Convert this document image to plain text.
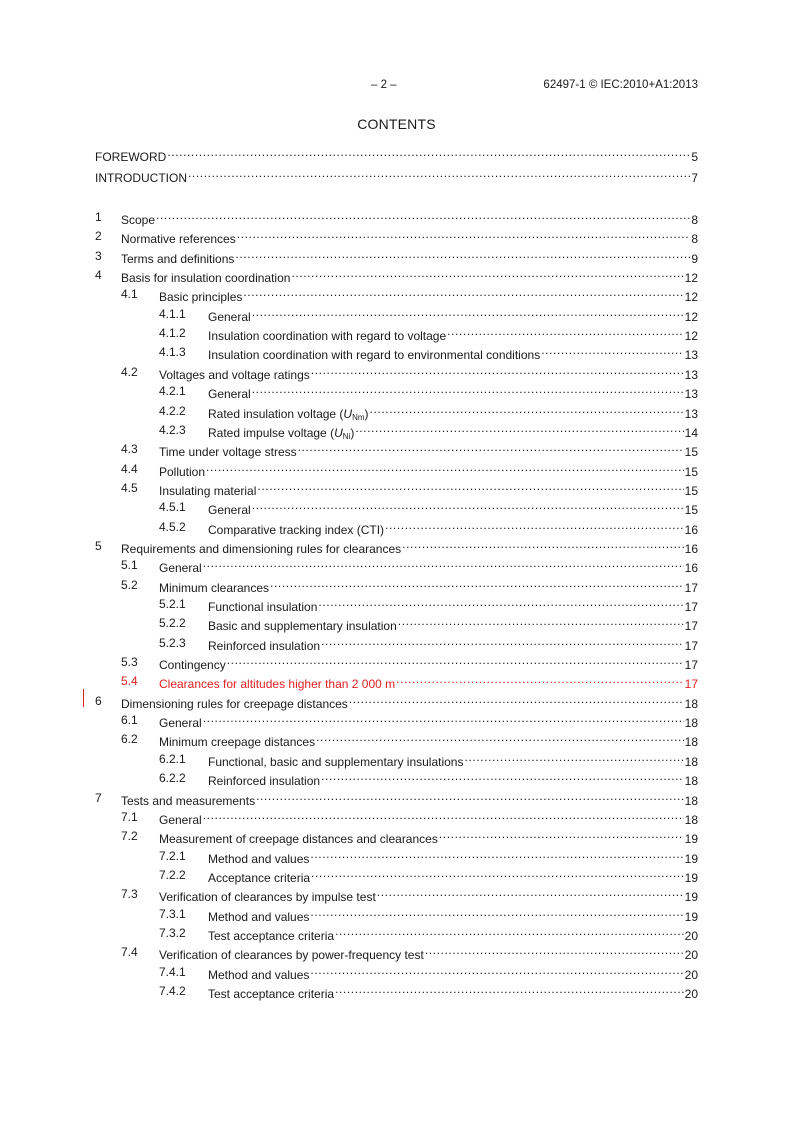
– 2 –	62497-1 © IEC:2010+A1:2013
CONTENTS
FOREWORD .....	5
INTRODUCTION .....	7
1 Scope .....	8
2 Normative references .....	8
3 Terms and definitions .....	9
4 Basis for insulation coordination .....	12
4.1 Basic principles .....	12
4.1.1 General .....	12
4.1.2 Insulation coordination with regard to voltage .....	12
4.1.3 Insulation coordination with regard to environmental conditions .....	13
4.2 Voltages and voltage ratings .....	13
4.2.1 General .....	13
4.2.2 Rated insulation voltage $(U_{Nm})$ .....	13
4.2.3 Rated impulse voltage $(U_{Ni})$ .....	14
4.3 Time under voltage stress .....	15
4.4 Pollution .....	15
4.5 Insulating material .....	15
4.5.1 General .....	15
4.5.2 Comparative tracking index (CTI) .....	16
5 Requirements and dimensioning rules for clearances .....	16
5.1 General .....	16
5.2 Minimum clearances .....	17
5.2.1 Functional insulation .....	17
5.2.2 Basic and supplementary insulation .....	17
5.2.3 Reinforced insulation .....	17
5.3 Contingency .....	17
5.4 Clearances for altitudes higher than 2 000 m .....	17
6 Dimensioning rules for creepage distances .....	18
6.1 General .....	18
6.2 Minimum creepage distances .....	18
6.2.1 Functional, basic and supplementary insulations .....	18
6.2.2 Reinforced insulation .....	18
7 Tests and measurements .....	18
7.1 General .....	18
7.2 Measurement of creepage distances and clearances .....	19
7.2.1 Method and values .....	19
7.2.2 Acceptance criteria .....	19
7.3 Verification of clearances by impulse test .....	19
7.3.1 Method and values .....	19
7.3.2 Test acceptance criteria .....	20
7.4 Verification of clearances by power-frequency test .....	20
7.4.1 Method and values .....	20
7.4.2 Test acceptance criteria .....	20
